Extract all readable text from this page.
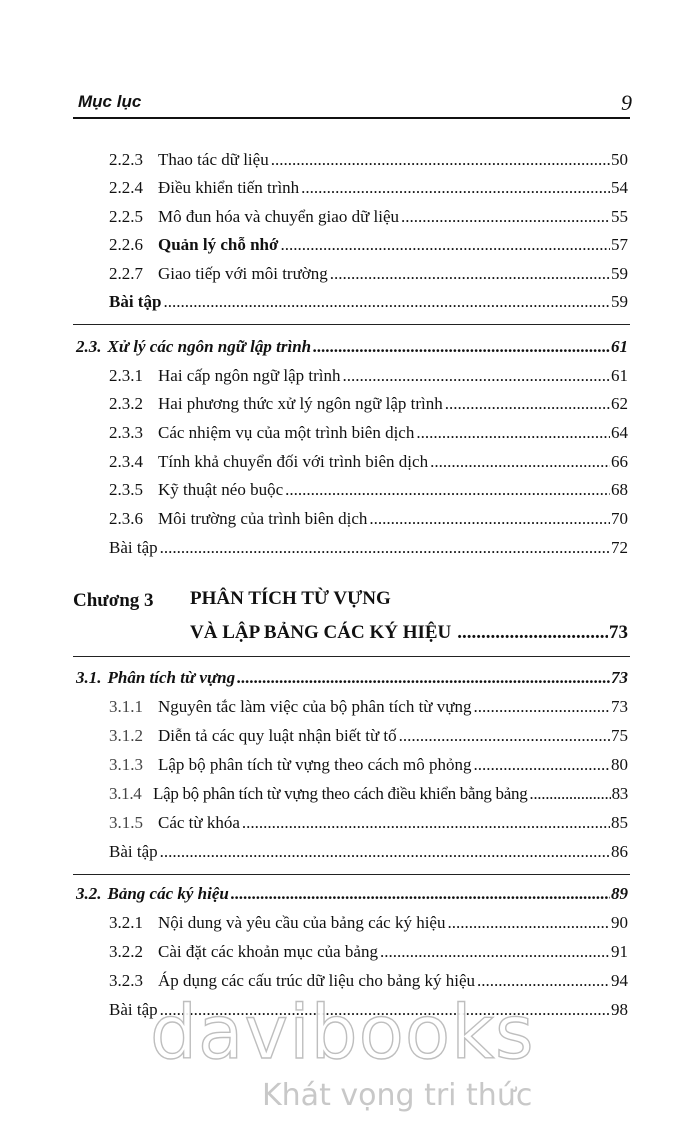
Mục lục	9
2.2.3 Thao tác dữ liệu .....	50
2.2.4 Điều khiển tiến trình .....	54
2.2.5 Mô đun hóa và chuyển giao dữ liệu .....	55
2.2.6 Quản lý chỗ nhớ .....	57
2.2.7 Giao tiếp với môi trường .....	59
Bài tập .....	59
2.3. Xử lý các ngôn ngữ lập trình .....	61
2.3.1 Hai cấp ngôn ngữ lập trình .....	61
2.3.2 Hai phương thức xử lý ngôn ngữ lập trình .....	62
2.3.3 Các nhiệm vụ của một trình biên dịch .....	64
2.3.4 Tính khả chuyển đối với trình biên dịch .....	66
2.3.5 Kỹ thuật néo buộc .....	68
2.3.6 Môi trường của trình biên dịch .....	70
Bài tập .....	72
Chương 3 PHÂN TÍCH TỪ VỰNG
VÀ LẬP BẢNG CÁC KÝ HIỆU .....	73
3.1. Phân tích từ vựng .....	73
3.1.1 Nguyên tắc làm việc của bộ phân tích từ vựng .....	73
3.1.2 Diễn tả các quy luật nhận biết từ tố .....	75
3.1.3 Lập bộ phân tích từ vựng theo cách mô phỏng .....	80
3.1.4 Lập bộ phân tích từ vựng theo cách điều khiển bằng bảng .....	83
3.1.5 Các từ khóa .....	85
Bài tập .....	86
3.2. Bảng các ký hiệu .....	89
3.2.1 Nội dung và yêu cầu của bảng các ký hiệu .....	90
3.2.2 Cài đặt các khoản mục của bảng .....	91
3.2.3 Áp dụng các cấu trúc dữ liệu cho bảng ký hiệu .....	94
Bài tập .....	98
davibooks
Khát vọng tri thức
